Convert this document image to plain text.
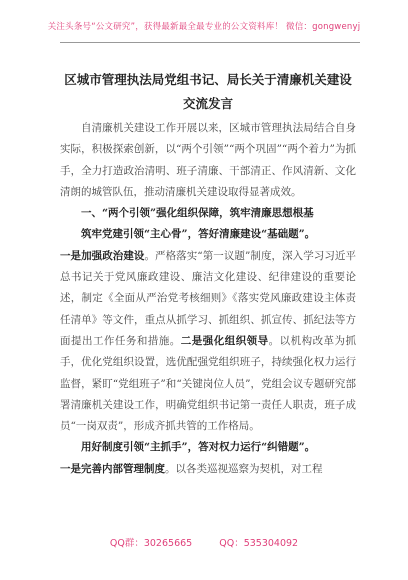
关注头条号“公文研究”，获得最新最全最专业的公文资料库！ 微信：gongwenyj
区城市管理执法局党组书记、局长关于清廉机关建设交流发言

自清廉机关建设工作开展以来，区城市管理执法局结合自身实际，积极探索创新，以“两个引领”“两个巩固”“两个着力”为抓手，全力打造政治清明、班子清廉、干部清正、作风清新、文化清朗的城管队伍，推动清廉机关建设取得显著成效。

一、“两个引领”强化组织保障，筑牢清廉思想根基

筑牢党建引领“主心骨”，答好清廉建设“基础题”。

一是加强政治建设。严格落实“第一议题”制度，深入学习习近平总书记关于党风廉政建设、廉洁文化建设、纪律建设的重要论述，制定《全面从严治党考核细则》《落实党风廉政建设主体责任清单》等文件，重点从抓学习、抓组织、抓宣传、抓纪法等方面提出工作任务和措施。二是强化组织领导。以机构改革为抓手，优化党组织设置，选优配强党组织班子，持续强化权力运行监督，紧盯“党组班子”和“关键岗位人员”，党组会议专题研究部署清廉机关建设工作，明确党组织书记第一责任人职责，班子成员“一岗双责”，形成齐抓共管的工作格局。

用好制度引领“主抓手”，答对权力运行“纠错题”。

一是完善内部管理制度。以各类巡视巡察为契机，对工程

QQ群：30265665	QQ：535304092
